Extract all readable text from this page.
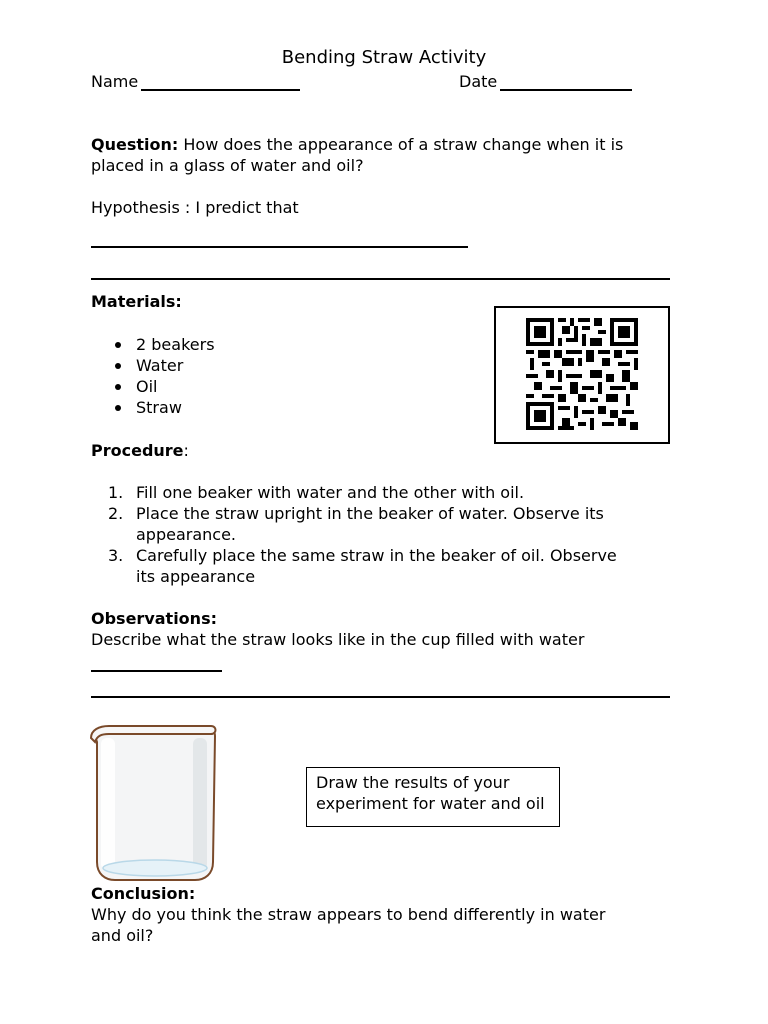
Bending Straw Activity
Name	Date
Question: How does the appearance of a straw change when it is
placed in a glass of water and oil?
Hypothesis : I predict that
Materials:
2 beakers
Water
Oil
Straw
Procedure:
1. Fill one beaker with water and the other with oil.
2. Place the straw upright in the beaker of water. Observe its
appearance.
3. Carefully place the same straw in the beaker of oil. Observe
its appearance
Observations:
Describe what the straw looks like in the cup filled with water
Draw the results of your experiment for water and oil
Conclusion:
Why do you think the straw appears to bend differently in water
and oil?
